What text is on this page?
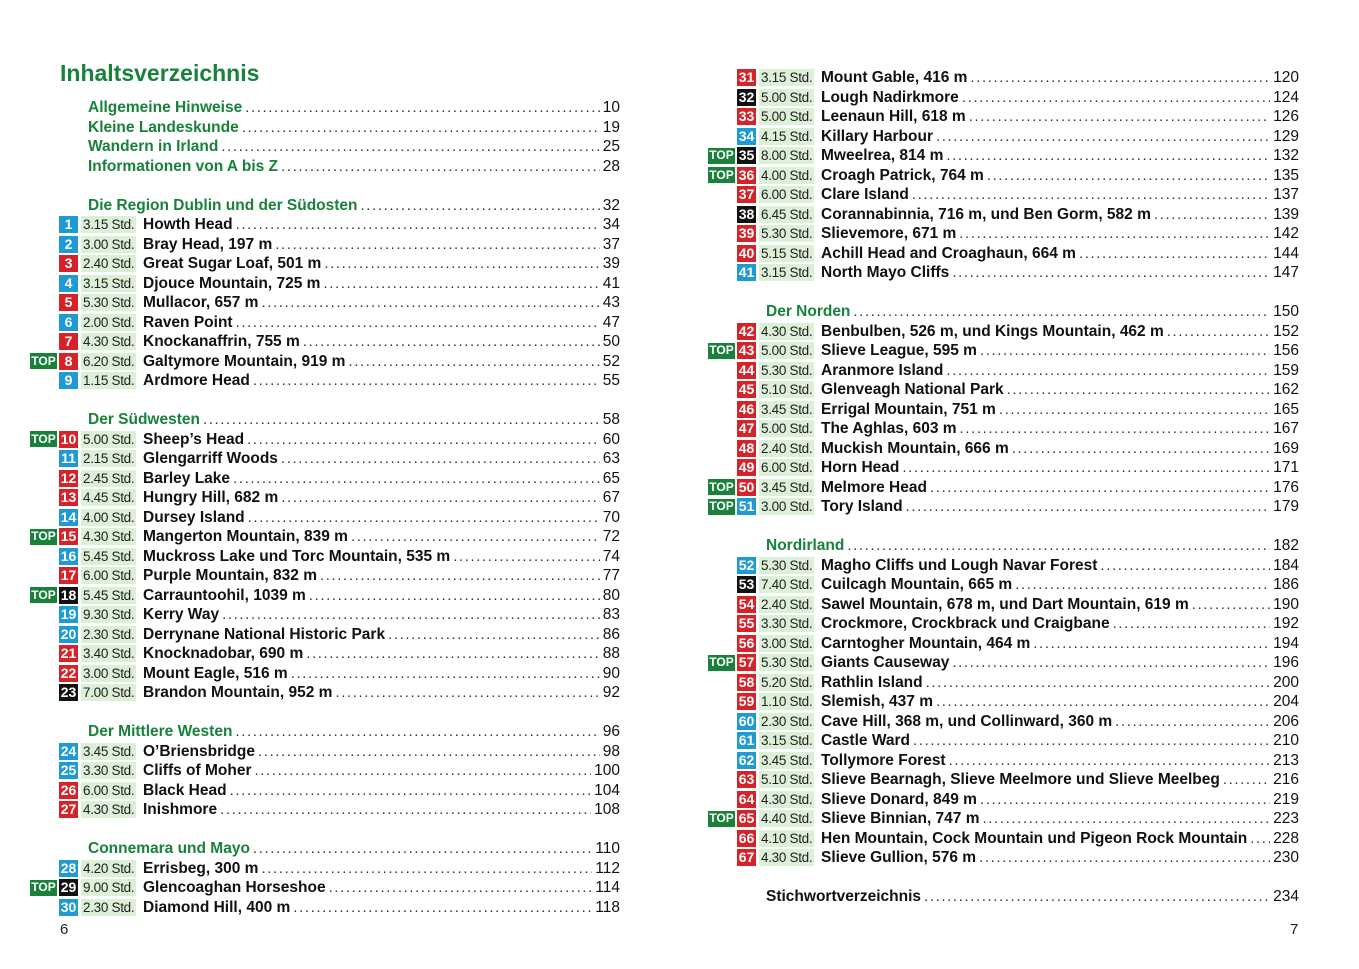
Inhaltsverzeichnis
Allgemeine Hinweise .....	10
Kleine Landeskunde .....	19
Wandern in Irland .....	25
Informationen von A bis Z .....	28
Die Region Dublin und der Südosten .....	32
1 3.15 Std. Howth Head .....	34
2 3.00 Std. Bray Head, 197 m .....	37
3 2.40 Std. Great Sugar Loaf, 501 m .....	39
4 3.15 Std. Djouce Mountain, 725 m .....	41
5 5.30 Std. Mullacor, 657 m .....	43
6 2.00 Std. Raven Point .....	47
7 4.30 Std. Knockanaffrin, 755 m .....	50
TOP 8 6.20 Std. Galtymore Mountain, 919 m .....	52
9 1.15 Std. Ardmore Head .....	55
Der Südwesten .....	58
TOP 10 5.00 Std. Sheep’s Head .....	60
11 2.15 Std. Glengarriff Woods .....	63
12 2.45 Std. Barley Lake .....	65
13 4.45 Std. Hungry Hill, 682 m .....	67
14 4.00 Std. Dursey Island .....	70
TOP 15 4.30 Std. Mangerton Mountain, 839 m .....	72
16 5.45 Std. Muckross Lake und Torc Mountain, 535 m .....	74
17 6.00 Std. Purple Mountain, 832 m .....	77
TOP 18 5.45 Std. Carrauntoohil, 1039 m .....	80
19 9.30 Std. Kerry Way .....	83
20 2.30 Std. Derrynane National Historic Park .....	86
21 3.40 Std. Knocknadobar, 690 m .....	88
22 3.00 Std. Mount Eagle, 516 m .....	90
23 7.00 Std. Brandon Mountain, 952 m .....	92
Der Mittlere Westen .....	96
24 3.45 Std. O’Briensbridge .....	98
25 3.30 Std. Cliffs of Moher .....	100
26 6.00 Std. Black Head .....	104
27 4.30 Std. Inishmore .....	108
Connemara und Mayo .....	110
28 4.20 Std. Errisbeg, 300 m .....	112
TOP 29 9.00 Std. Glencoaghan Horseshoe .....	114
30 2.30 Std. Diamond Hill, 400 m .....	118
6
31 3.15 Std. Mount Gable, 416 m .....	120
32 5.00 Std. Lough Nadirkmore .....	124
33 5.00 Std. Leenaun Hill, 618 m .....	126
34 4.15 Std. Killary Harbour .....	129
TOP 35 8.00 Std. Mweelrea, 814 m .....	132
TOP 36 4.00 Std. Croagh Patrick, 764 m .....	135
37 6.00 Std. Clare Island .....	137
38 6.45 Std. Corannabinnia, 716 m, und Ben Gorm, 582 m .....	139
39 5.30 Std. Slievemore, 671 m .....	142
40 5.15 Std. Achill Head and Croaghaun, 664 m .....	144
41 3.15 Std. North Mayo Cliffs .....	147
Der Norden .....	150
42 4.30 Std. Benbulben, 526 m, und Kings Mountain, 462 m .....	152
TOP 43 5.00 Std. Slieve League, 595 m .....	156
44 5.30 Std. Aranmore Island .....	159
45 5.10 Std. Glenveagh National Park .....	162
46 3.45 Std. Errigal Mountain, 751 m .....	165
47 5.00 Std. The Aghlas, 603 m .....	167
48 2.40 Std. Muckish Mountain, 666 m .....	169
49 6.00 Std. Horn Head .....	171
TOP 50 3.45 Std. Melmore Head .....	176
TOP 51 3.00 Std. Tory Island .....	179
Nordirland .....	182
52 5.30 Std. Magho Cliffs und Lough Navar Forest .....	184
53 7.40 Std. Cuilcagh Mountain, 665 m .....	186
54 2.40 Std. Sawel Mountain, 678 m, und Dart Mountain, 619 m .....	190
55 3.30 Std. Crockmore, Crockbrack und Craigbane .....	192
56 3.00 Std. Carntogher Mountain, 464 m .....	194
TOP 57 5.30 Std. Giants Causeway .....	196
58 5.20 Std. Rathlin Island .....	200
59 1.10 Std. Slemish, 437 m .....	204
60 2.30 Std. Cave Hill, 368 m, und Collinward, 360 m .....	206
61 3.15 Std. Castle Ward .....	210
62 3.45 Std. Tollymore Forest .....	213
63 5.10 Std. Slieve Bearnagh, Slieve Meelmore und Slieve Meelbeg .....	216
64 4.30 Std. Slieve Donard, 849 m .....	219
TOP 65 4.40 Std. Slieve Binnian, 747 m .....	223
66 4.10 Std. Hen Mountain, Cock Mountain und Pigeon Rock Mountain ..... 228
67 4.30 Std. Slieve Gullion, 576 m .....	230
Stichwortverzeichnis .....	234
7
